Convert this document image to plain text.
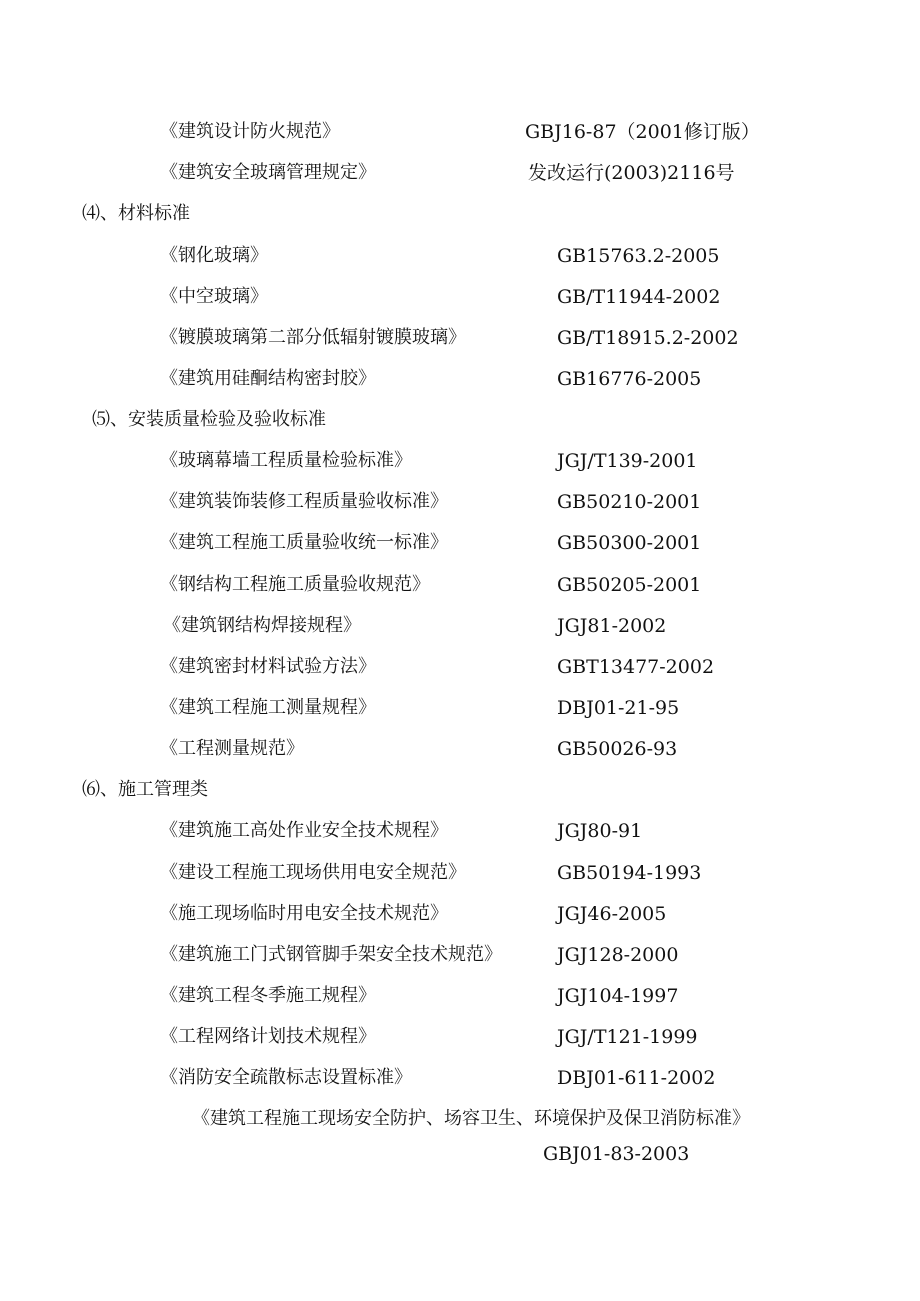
《建筑设计防火规范》	GBJ16-87（2001修订版）
《建筑安全玻璃管理规定》	发改运行(2003)2116号
⑷、材料标准
《钢化玻璃》	GB15763.2-2005
《中空玻璃》	GB/T11944-2002
《镀膜玻璃第二部分低辐射镀膜玻璃》	GB/T18915.2-2002
《建筑用硅酮结构密封胶》	GB16776-2005
⑸、安装质量检验及验收标准
《玻璃幕墙工程质量检验标准》	JGJ/T139-2001
《建筑装饰装修工程质量验收标准》	GB50210-2001
《建筑工程施工质量验收统一标准》	GB50300-2001
《钢结构工程施工质量验收规范》	GB50205-2001
《建筑钢结构焊接规程》	JGJ81-2002
《建筑密封材料试验方法》	GBT13477-2002
《建筑工程施工测量规程》	DBJ01-21-95
《工程测量规范》	GB50026-93
⑹、施工管理类
《建筑施工高处作业安全技术规程》	JGJ80-91
《建设工程施工现场供用电安全规范》	GB50194-1993
《施工现场临时用电安全技术规范》	JGJ46-2005
《建筑施工门式钢管脚手架安全技术规范》	JGJ128-2000
《建筑工程冬季施工规程》	JGJ104-1997
《工程网络计划技术规程》	JGJ/T121-1999
《消防安全疏散标志设置标准》	DBJ01-611-2002
《建筑工程施工现场安全防护、场容卫生、环境保护及保卫消防标准》
GBJ01-83-2003
